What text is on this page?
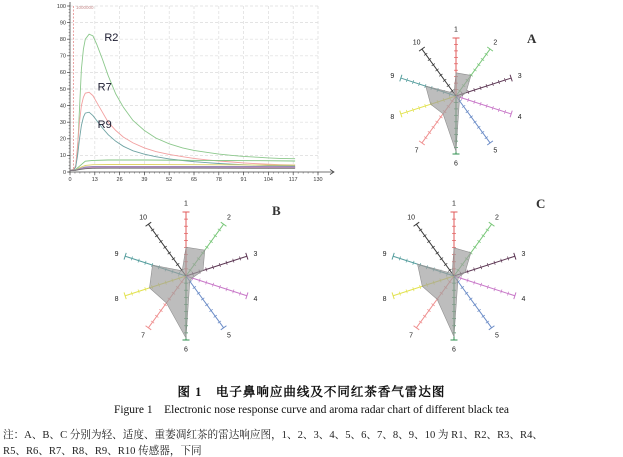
1000000
0	13	26	39	52	65	78	91	104	117	130
0
10
20
30
40
50
60
70
80
90
100
R2
R7
R9
1
2
3
4
5
6
7
8
9
10	A
1
2
3
4
5
6
7
8
9
10	B	1
2
3
4
5
6
7
8
9
10
C
图 1　电子鼻响应曲线及不同红茶香气雷达图
Figure 1　Electronic nose response curve and aroma radar chart of different black tea
注：A、B、C 分别为轻、适度、重萎凋红茶的雷达响应图，1、2、3、4、5、6、7、8、9、10 为 R1、R2、R3、R4、
R5、R6、R7、R8、R9、R10 传感器，下同
